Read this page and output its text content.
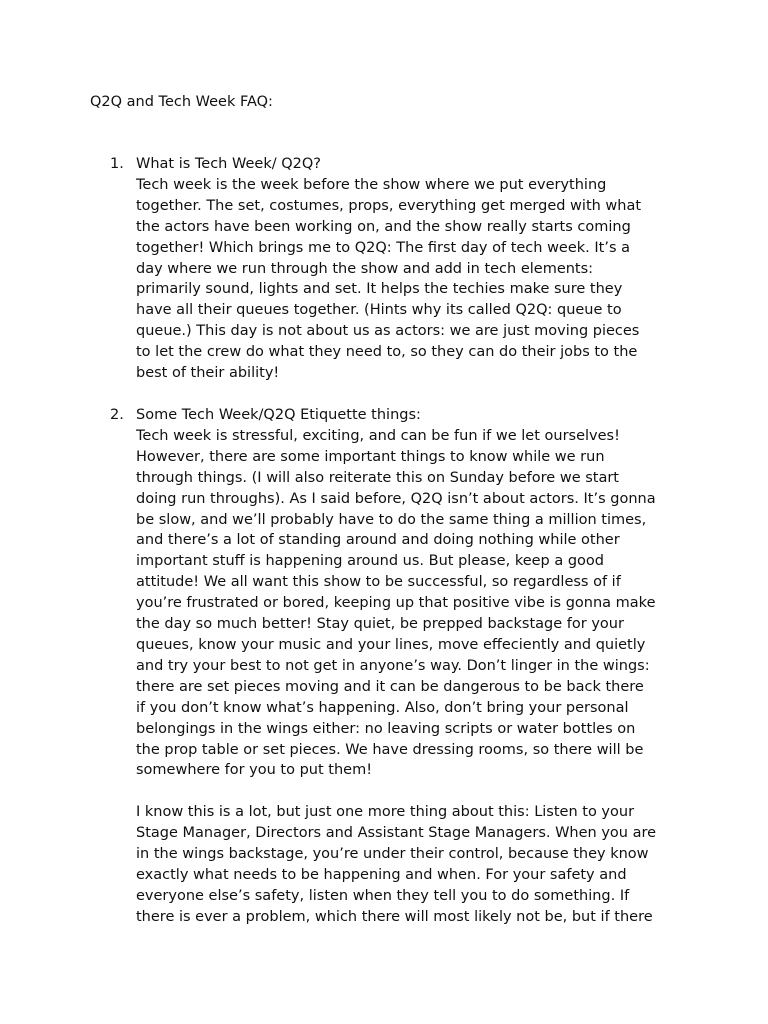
Q2Q and Tech Week FAQ:
1. What is Tech Week/ Q2Q?
Tech week is the week before the show where we put everything
together. The set, costumes, props, everything get merged with what
the actors have been working on, and the show really starts coming
together! Which brings me to Q2Q: The first day of tech week. It’s a
day where we run through the show and add in tech elements:
primarily sound, lights and set. It helps the techies make sure they
have all their queues together. (Hints why its called Q2Q: queue to
queue.) This day is not about us as actors: we are just moving pieces
to let the crew do what they need to, so they can do their jobs to the
best of their ability!
2. Some Tech Week/Q2Q Etiquette things:
Tech week is stressful, exciting, and can be fun if we let ourselves!
However, there are some important things to know while we run
through things. (I will also reiterate this on Sunday before we start
doing run throughs). As I said before, Q2Q isn’t about actors. It’s gonna
be slow, and we’ll probably have to do the same thing a million times,
and there’s a lot of standing around and doing nothing while other
important stuff is happening around us. But please, keep a good
attitude! We all want this show to be successful, so regardless of if
you’re frustrated or bored, keeping up that positive vibe is gonna make
the day so much better! Stay quiet, be prepped backstage for your
queues, know your music and your lines, move effeciently and quietly
and try your best to not get in anyone’s way. Don’t linger in the wings:
there are set pieces moving and it can be dangerous to be back there
if you don’t know what’s happening. Also, don’t bring your personal
belongings in the wings either: no leaving scripts or water bottles on
the prop table or set pieces. We have dressing rooms, so there will be
somewhere for you to put them!
I know this is a lot, but just one more thing about this: Listen to your
Stage Manager, Directors and Assistant Stage Managers. When you are
in the wings backstage, you’re under their control, because they know
exactly what needs to be happening and when. For your safety and
everyone else’s safety, listen when they tell you to do something. If
there is ever a problem, which there will most likely not be, but if there
